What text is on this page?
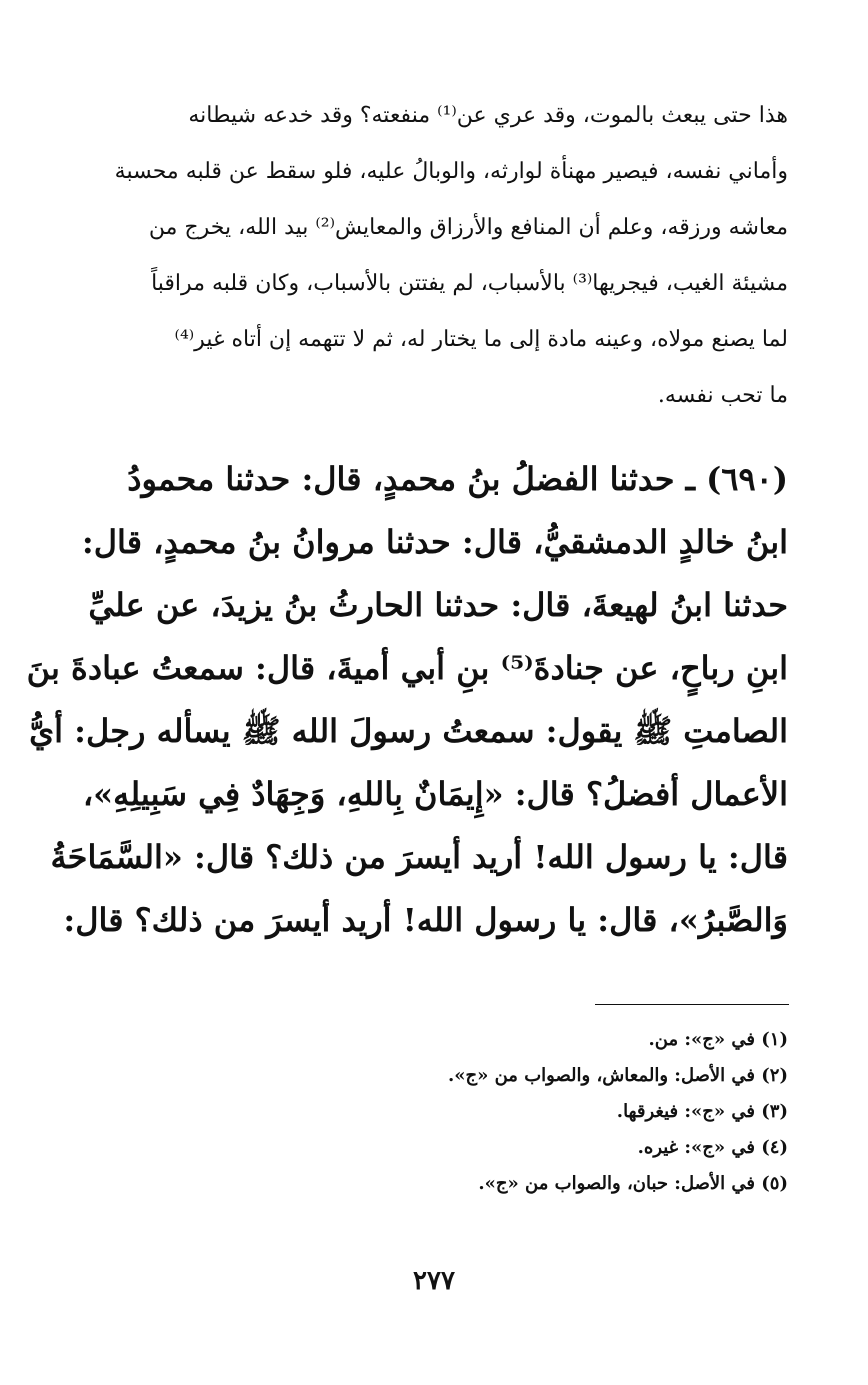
هذا حتى يبعث بالموت، وقد عري عن⁽¹⁾ منفعته؟ وقد خدعه شيطانه
وأماني نفسه، فيصير مهنأة لوارثه، والوبالُ عليه، فلو سقط عن قلبه محسبة
معاشه ورزقه، وعلم أن المنافع والأرزاق والمعايش⁽²⁾ بيد الله، يخرج من
مشيئة الغيب، فيجريها⁽³⁾ بالأسباب، لم يفتتن بالأسباب، وكان قلبه مراقباً
لما يصنع مولاه، وعينه مادة إلى ما يختار له، ثم لا تتهمه إن أتاه غير⁽⁴⁾
ما تحب نفسه.
(٦٩٠) ـ حدثنا الفضلُ بنُ محمدٍ، قال: حدثنا محمودُ
ابنُ خالدٍ الدمشقيُّ، قال: حدثنا مروانُ بنُ محمدٍ، قال:
حدثنا ابنُ لهيعةَ، قال: حدثنا الحارثُ بنُ يزيدَ، عن عليِّ
ابنِ رباحٍ، عن جنادةَ⁽⁵⁾ بنِ أبي أميةَ، قال: سمعتُ عبادةَ بنَ
الصامتِ ﷺ يقول: سمعتُ رسولَ الله ﷺ يسأله رجل: أيُّ
الأعمال أفضلُ؟ قال: «إِيمَانٌ بِاللهِ، وَجِهَادٌ فِي سَبِيلِهِ»،
قال: يا رسول الله! أريد أيسرَ من ذلك؟ قال: «السَّمَاحَةُ
وَالصَّبرُ»، قال: يا رسول الله! أريد أيسرَ من ذلك؟ قال:
(١) في «ج»: من.
(٢) في الأصل: والمعاش، والصواب من «ج».
(٣) في «ج»: فيغرقها.
(٤) في «ج»: غيره.
(٥) في الأصل: حبان، والصواب من «ج».
٢٧٧
